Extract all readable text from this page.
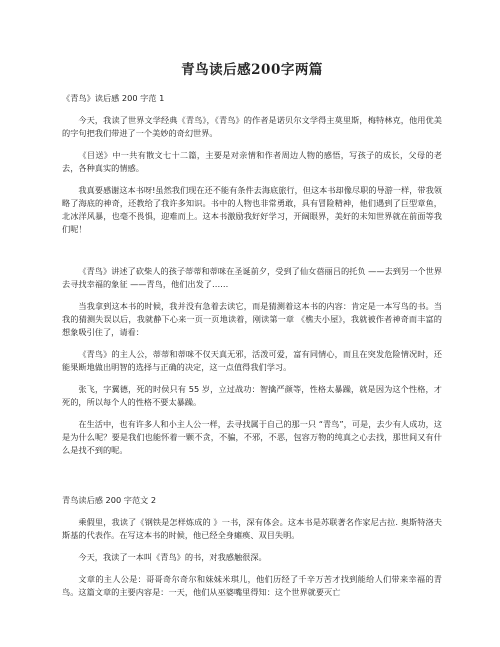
青鸟读后感200字两篇
《青鸟》读后感 200 字范 1

今天，我读了世界文学经典《青鸟》，《青鸟》的作者是诺贝尔文学得主莫里斯，梅特林克，他用优美的字句把我们带进了一个美妙的奇幻世界。

《目送》中一共有散文七十二篇，主要是对亲情和作者周边人物的感悟，写孩子的成长，父母的老去，各种真实的情感。

我真要感谢这本书呀!虽然我们现在还不能有条件去海底旅行，但这本书却像尽职的导游一样，带我领略了海底的神奇，还教给了我许多知识。书中的人物也非常勇敢，具有冒险精神，他们遇到了巨型章鱼，北冰洋风暴，也毫不畏惧，迎难而上。这本书激励我好好学习，开阔眼界，美好的未知世界就在前面等我们呢！

《青鸟》讲述了砍柴人的孩子蒂蒂和蒂咪在圣诞前夕，受到了仙女蓓丽吕的托负 ——去到另一个世界去寻找幸福的象征 ——青鸟，他们出发了……

当我拿到这本书的时候，我并没有急着去读它，而是猜测着这本书的内容：肯定是一本写鸟的书。当我的猜测失误以后，我就静下心来一页一页地读着，刚读第一章 《樵夫小屋》，我就被作者神奇而丰富的想象吸引住了，请看：

《青鸟》的主人公，蒂蒂和蒂咪不仅天真无邪，活泼可爱，富有同情心，而且在突发危险情况时，还能果断地做出明智的选择与正确的决定，这一点值得我们学习。

张飞，字翼德，死的时侯只有 55 岁，立过战功：智擒严颜等，性格太暴躁，就是因为这个性格，才死的，所以每个人的性格不要太暴躁。

在生活中，也有许多人和小主人公一样，去寻找属于自己的那一只 “青鸟”，可是，去少有人成功，这是为什么呢？要是我们也能怀着一颗不贪，不骗，不邪，不恶，包容万物的纯真之心去找，那世间又有什么是找不到的呢。

青鸟读后感 200 字范文 2

乘假里，我读了《钢铁是怎样炼成的 》一书，深有体会。这本书是苏联著名作家尼古拉. 奥斯特洛夫斯基的代表作。在写这本书的时候，他已经全身瘫痪、双目失明。

今天，我读了一本叫《青鸟》的书，对我感触很深。

文章的主人公是：哥哥奇尔奇尔和妹妹米琪儿，他们历经了千辛万苦才找到能给人们带来幸福的青鸟。这篇文章的主要内容是：一天，他们从巫婆嘴里得知：这个世界就要灭亡
